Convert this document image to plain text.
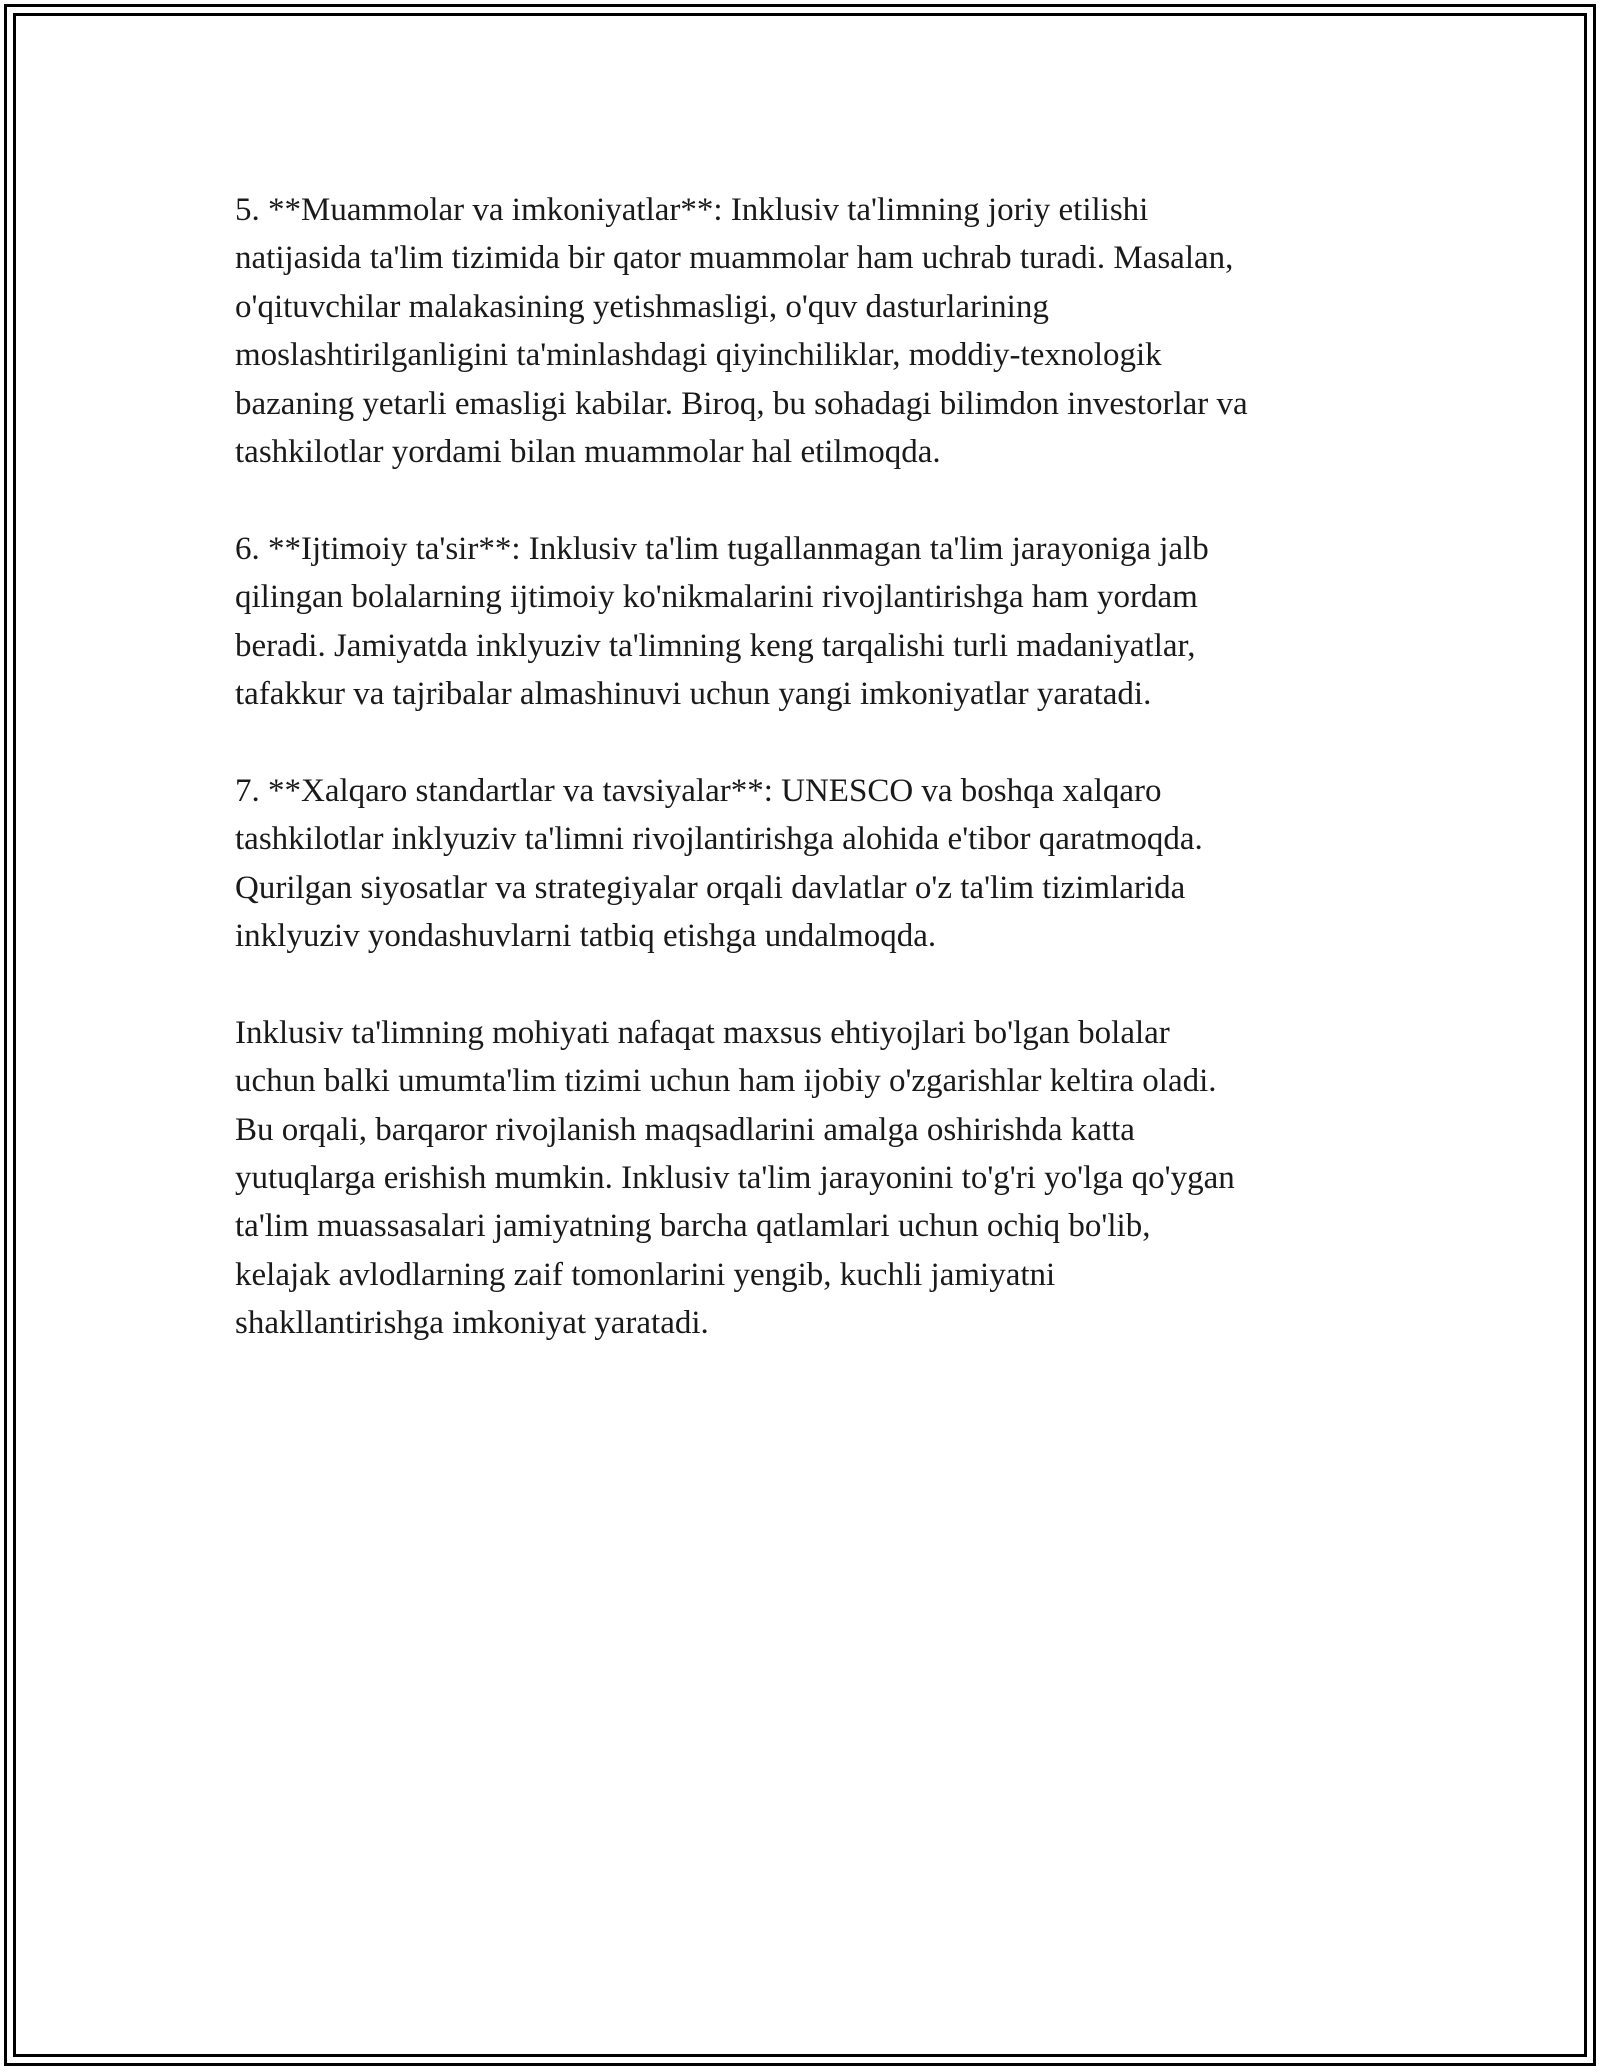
5. **Muammolar va imkoniyatlar**: Inklusiv ta'limning joriy etilishi
natijasida ta'lim tizimida bir qator muammolar ham uchrab turadi. Masalan,
o'qituvchilar malakasining yetishmasligi, o'quv dasturlarining
moslashtirilganligini ta'minlashdagi qiyinchiliklar, moddiy-texnologik
bazaning yetarli emasligi kabilar. Biroq, bu sohadagi bilimdon investorlar va
tashkilotlar yordami bilan muammolar hal etilmoqda.

6. **Ijtimoiy ta'sir**: Inklusiv ta'lim tugallanmagan ta'lim jarayoniga jalb
qilingan bolalarning ijtimoiy ko'nikmalarini rivojlantirishga ham yordam
beradi. Jamiyatda inklyuziv ta'limning keng tarqalishi turli madaniyatlar,
tafakkur va tajribalar almashinuvi uchun yangi imkoniyatlar yaratadi.

7. **Xalqaro standartlar va tavsiyalar**: UNESCO va boshqa xalqaro
tashkilotlar inklyuziv ta'limni rivojlantirishga alohida e'tibor qaratmoqda.
Qurilgan siyosatlar va strategiyalar orqali davlatlar o'z ta'lim tizimlarida
inklyuziv yondashuvlarni tatbiq etishga undalmoqda.

Inklusiv ta'limning mohiyati nafaqat maxsus ehtiyojlari bo'lgan bolalar
uchun balki umumta'lim tizimi uchun ham ijobiy o'zgarishlar keltira oladi.
Bu orqali, barqaror rivojlanish maqsadlarini amalga oshirishda katta
yutuqlarga erishish mumkin. Inklusiv ta'lim jarayonini to'g'ri yo'lga qo'ygan
ta'lim muassasalari jamiyatning barcha qatlamlari uchun ochiq bo'lib,
kelajak avlodlarning zaif tomonlarini yengib, kuchli jamiyatni
shakllantirishga imkoniyat yaratadi.
